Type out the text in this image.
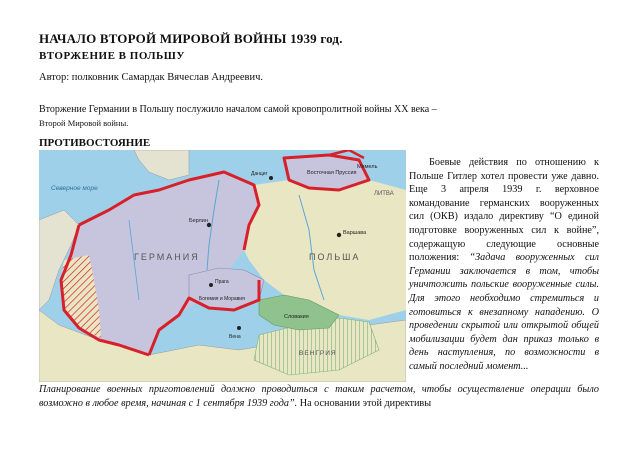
НАЧАЛО ВТОРОЙ МИРОВОЙ ВОЙНЫ 1939 год.
ВТОРЖЕНИЕ В ПОЛЬШУ
Автор: полковник Самардак Вячеслав Андреевич.
Вторжение Германии в Польшу послужило началом самой кровопролитной войны XX века –
Второй Мировой войны.
ПРОТИВОСТОЯНИЕ
Северное море
Мемель
Восточная Пруссия
ГЕРМАНИЯ	ПОЛЬША
Богемия и Моравия
Словакия
ВЕНГРИЯ
ЛИТВА
Берлин
Варшава
Прага
Данциг
Вена

Боевые действия по отношению к Польше Гитлер хотел провести уже давно. Еще 3 апреля 1939 г. верховное командование германских вооруженных сил (ОКВ) издало директиву “О единой подготовке вооруженных сил к войне”, содержащую следующие основные положения: “Задача вооруженных сил Германии заключается в том, чтобы уничтожить польские вооруженные силы. Для этого необходимо стремиться и готовиться к внезапному нападению. О проведении скрытой или открытой общей мобилизации будет дан приказ только в день наступления, по возможности в самый последний момент...

Планирование военных приготовлений должно проводиться с таким расчетом, чтобы осуществление операции было возможно в любое время, начиная с 1 сентября 1939 года”. На основании этой директивы
